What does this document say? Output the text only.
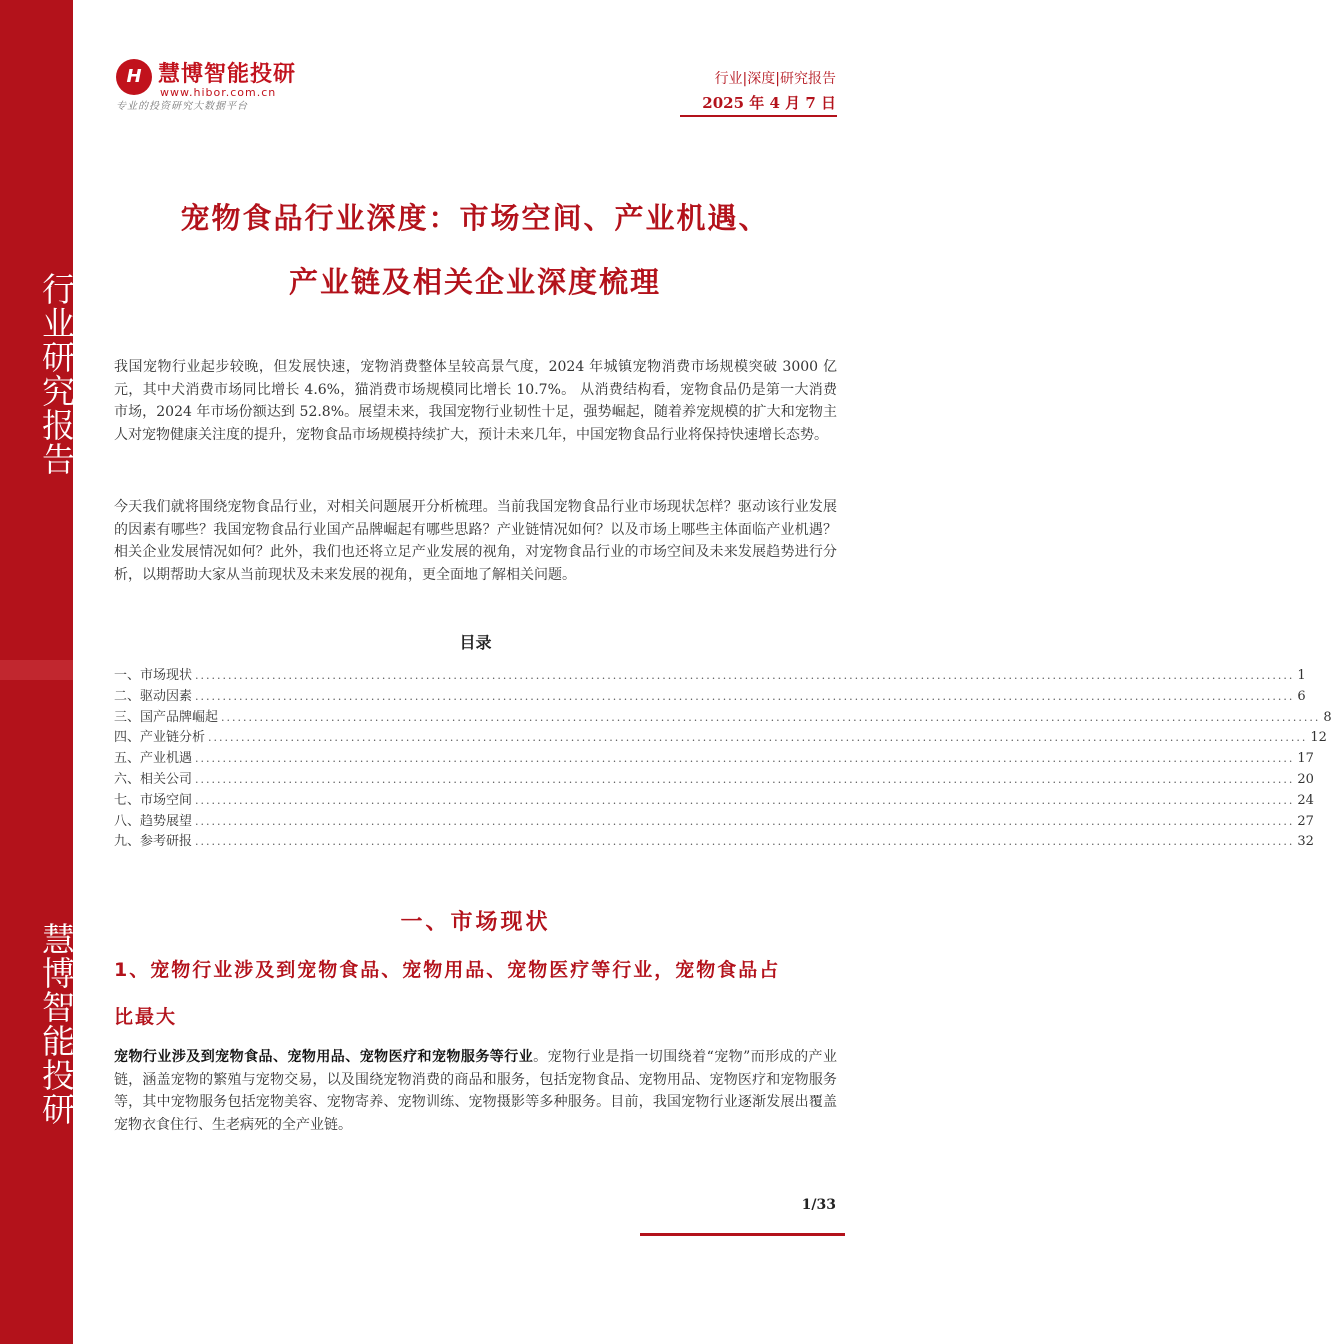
行业研究报告
慧博智能投研
H 慧博智能投研
www.hibor.com.cn
专业的投资研究大数据平台
行业|深度|研究报告
2025 年 4 月 7 日
宠物食品行业深度：市场空间、产业机遇、
产业链及相关企业深度梳理

我国宠物行业起步较晚，但发展快速，宠物消费整体呈较高景气度，2024 年城镇宠物消费市场规模突破 3000 亿元，其中犬消费市场同比增长 4.6%，猫消费市场规模同比增长 10.7%。 从消费结构看，宠物食品仍是第一大消费市场，2024 年市场份额达到 52.8%。展望未来，我国宠物行业韧性十足，强势崛起，随着养宠规模的扩大和宠物主人对宠物健康关注度的提升，宠物食品市场规模持续扩大，预计未来几年，中国宠物食品行业将保持快速增长态势。

今天我们就将围绕宠物食品行业，对相关问题展开分析梳理。当前我国宠物食品行业市场现状怎样？驱动该行业发展的因素有哪些？我国宠物食品行业国产品牌崛起有哪些思路？产业链情况如何？以及市场上哪些主体面临产业机遇？相关企业发展情况如何？此外，我们也还将立足产业发展的视角，对宠物食品行业的市场空间及未来发展趋势进行分析，以期帮助大家从当前现状及未来发展的视角，更全面地了解相关问题。

目录
一、市场现状 ........................................................................................................................................................................................................ 1
二、驱动因素 ........................................................................................................................................................................................................ 6
三、国产品牌崛起 ........................................................................................................................................................................................................ 8
四、产业链分析 ........................................................................................................................................................................................................ 12
五、产业机遇 ........................................................................................................................................................................................................ 17
六、相关公司 ........................................................................................................................................................................................................ 20
七、市场空间 ........................................................................................................................................................................................................ 24
八、趋势展望 ........................................................................................................................................................................................................ 27
九、参考研报 ........................................................................................................................................................................................................ 32
一、市场现状
1、宠物行业涉及到宠物食品、宠物用品、宠物医疗等行业，宠物食品占
比最大

宠物行业涉及到宠物食品、宠物用品、宠物医疗和宠物服务等行业。宠物行业是指一切围绕着“宠物”而形成的产业链，涵盖宠物的繁殖与宠物交易，以及围绕宠物消费的商品和服务，包括宠物食品、宠物用品、宠物医疗和宠物服务等，其中宠物服务包括宠物美容、宠物寄养、宠物训练、宠物摄影等多种服务。目前，我国宠物行业逐渐发展出覆盖宠物衣食住行、生老病死的全产业链。

1/33
